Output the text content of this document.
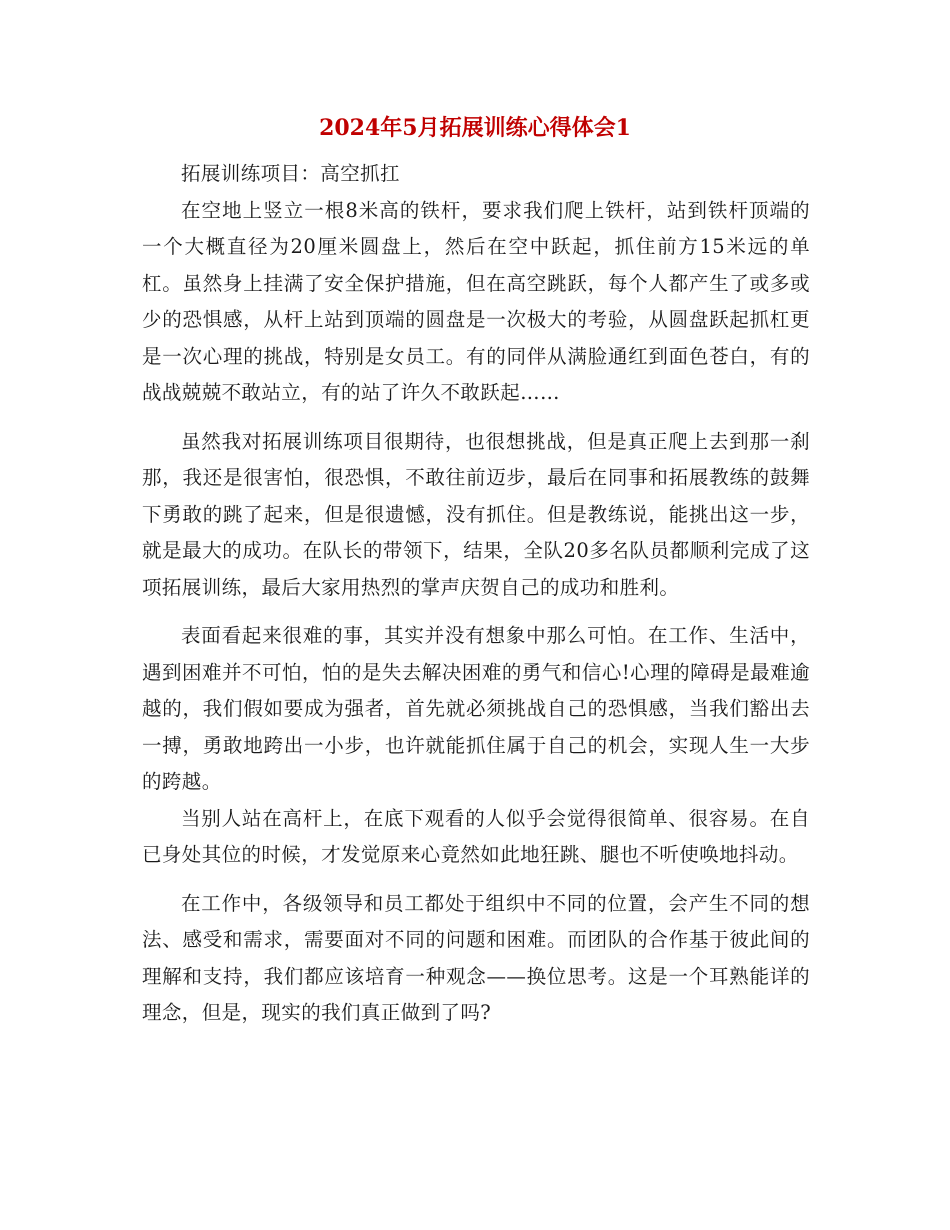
2024年5月拓展训练心得体会1

拓展训练项目：高空抓扛

在空地上竖立一根8米高的铁杆，要求我们爬上铁杆，站到铁杆顶端的一个大概直径为20厘米圆盘上，然后在空中跃起，抓住前方15米远的单杠。虽然身上挂满了安全保护措施，但在高空跳跃，每个人都产生了或多或少的恐惧感，从杆上站到顶端的圆盘是一次极大的考验，从圆盘跃起抓杠更是一次心理的挑战，特别是女员工。有的同伴从满脸通红到面色苍白，有的战战兢兢不敢站立，有的站了许久不敢跃起……

虽然我对拓展训练项目很期待，也很想挑战，但是真正爬上去到那一刹那，我还是很害怕，很恐惧，不敢往前迈步，最后在同事和拓展教练的鼓舞下勇敢的跳了起来，但是很遗憾，没有抓住。但是教练说，能挑出这一步，就是最大的成功。在队长的带领下，结果，全队20多名队员都顺利完成了这项拓展训练，最后大家用热烈的掌声庆贺自己的成功和胜利。

表面看起来很难的事，其实并没有想象中那么可怕。在工作、生活中，遇到困难并不可怕，怕的是失去解决困难的勇气和信心!心理的障碍是最难逾越的，我们假如要成为强者，首先就必须挑战自己的恐惧感，当我们豁出去一搏，勇敢地跨出一小步，也许就能抓住属于自己的机会，实现人生一大步的跨越。

当别人站在高杆上，在底下观看的人似乎会觉得很简单、很容易。在自已身处其位的时候，才发觉原来心竟然如此地狂跳、腿也不听使唤地抖动。

在工作中，各级领导和员工都处于组织中不同的位置，会产生不同的想法、感受和需求，需要面对不同的问题和困难。而团队的合作基于彼此间的理解和支持，我们都应该培育一种观念——换位思考。这是一个耳熟能详的理念，但是，现实的我们真正做到了吗?
